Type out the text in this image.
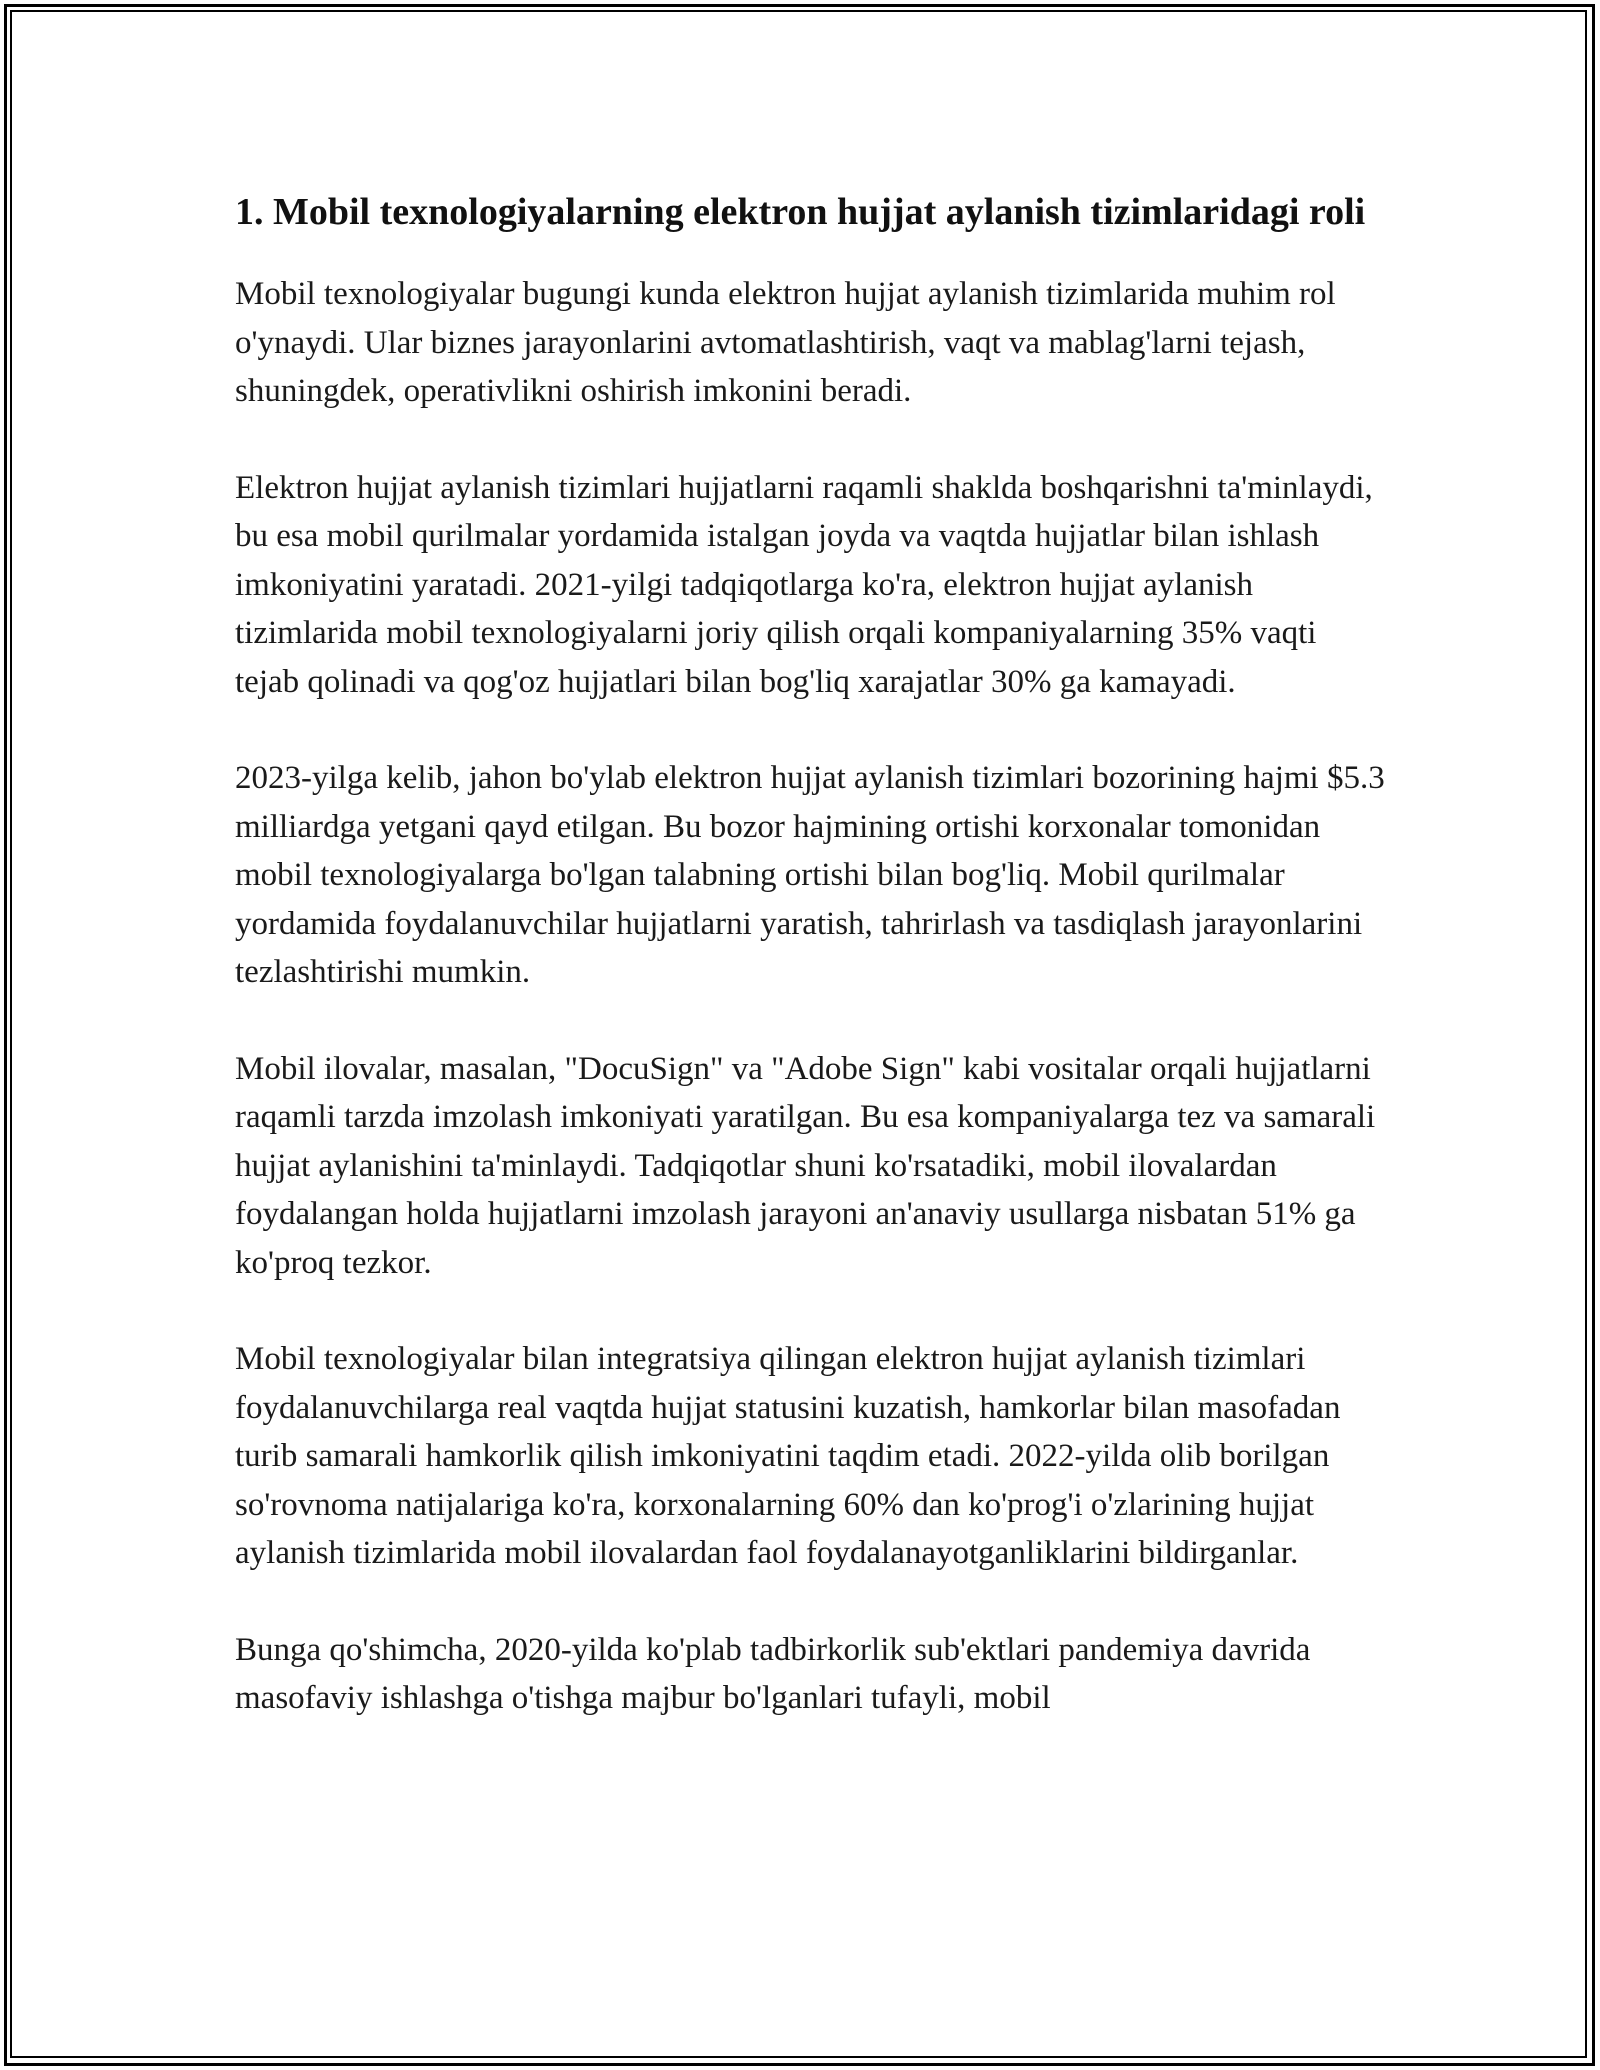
1. Mobil texnologiyalarning elektron hujjat aylanish tizimlaridagi roli

Mobil texnologiyalar bugungi kunda elektron hujjat aylanish tizimlarida muhim rol o'ynaydi. Ular biznes jarayonlarini avtomatlashtirish, vaqt va mablag'larni tejash, shuningdek, operativlikni oshirish imkonini beradi.

Elektron hujjat aylanish tizimlari hujjatlarni raqamli shaklda boshqarishni ta'minlaydi, bu esa mobil qurilmalar yordamida istalgan joyda va vaqtda hujjatlar bilan ishlash imkoniyatini yaratadi. 2021-yilgi tadqiqotlarga ko'ra, elektron hujjat aylanish tizimlarida mobil texnologiyalarni joriy qilish orqali kompaniyalarning 35% vaqti tejab qolinadi va qog'oz hujjatlari bilan bog'liq xarajatlar 30% ga kamayadi.

2023-yilga kelib, jahon bo'ylab elektron hujjat aylanish tizimlari bozorining hajmi $5.3 milliardga yetgani qayd etilgan. Bu bozor hajmining ortishi korxonalar tomonidan mobil texnologiyalarga bo'lgan talabning ortishi bilan bog'liq. Mobil qurilmalar yordamida foydalanuvchilar hujjatlarni yaratish, tahrirlash va tasdiqlash jarayonlarini tezlashtirishi mumkin.

Mobil ilovalar, masalan, "DocuSign" va "Adobe Sign" kabi vositalar orqali hujjatlarni raqamli tarzda imzolash imkoniyati yaratilgan. Bu esa kompaniyalarga tez va samarali hujjat aylanishini ta'minlaydi. Tadqiqotlar shuni ko'rsatadiki, mobil ilovalardan foydalangan holda hujjatlarni imzolash jarayoni an'anaviy usullarga nisbatan 51% ga ko'proq tezkor.

Mobil texnologiyalar bilan integratsiya qilingan elektron hujjat aylanish tizimlari foydalanuvchilarga real vaqtda hujjat statusini kuzatish, hamkorlar bilan masofadan turib samarali hamkorlik qilish imkoniyatini taqdim etadi. 2022-yilda olib borilgan so'rovnoma natijalariga ko'ra, korxonalarning 60% dan ko'prog'i o'zlarining hujjat aylanish tizimlarida mobil ilovalardan faol foydalanayotganliklarini bildirganlar.

Bunga qo'shimcha, 2020-yilda ko'plab tadbirkorlik sub'ektlari pandemiya davrida masofaviy ishlashga o'tishga majbur bo'lganlari tufayli, mobil
